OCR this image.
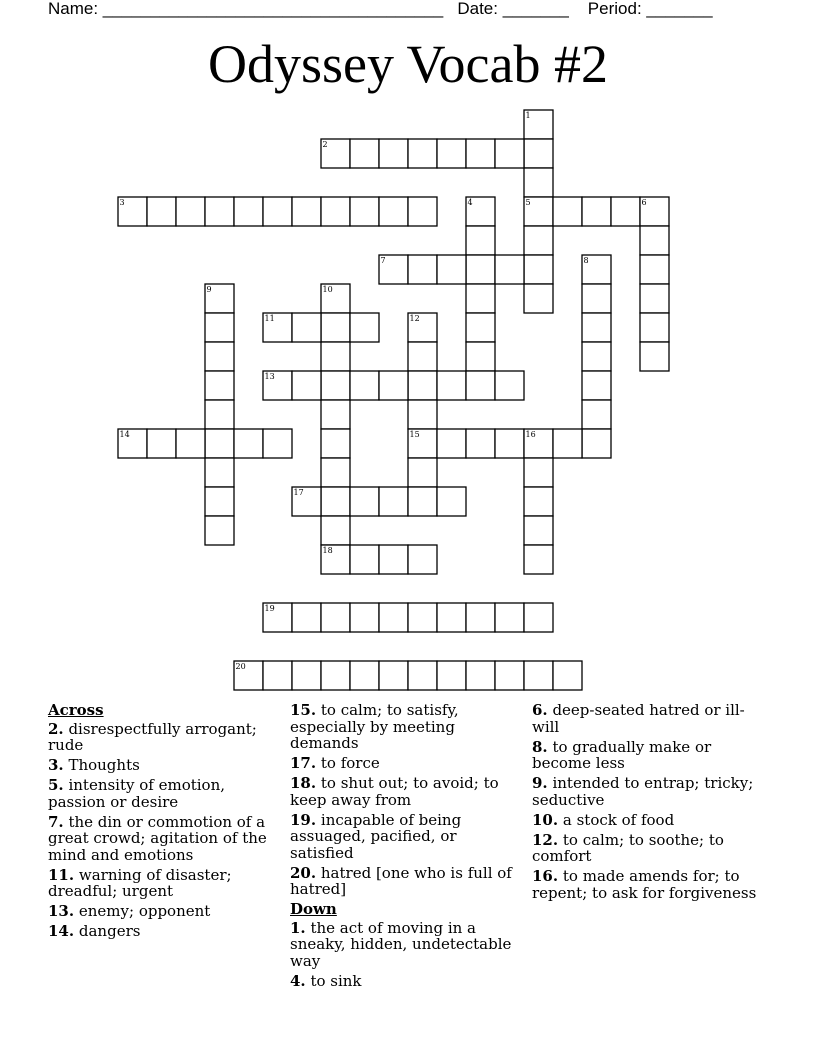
Name: ____________________________________ Date: _______ Period: _______
Odyssey Vocab #2
1
2
3	4	5	6
7	8
9	10
11	12
13
14	15	16
17
18
19
20
Across
2. disrespectfully arrogant; rude
3. Thoughts
5. intensity of emotion, passion or desire
7. the din or commotion of a great crowd; agitation of the mind and emotions
11. warning of disaster; dreadful; urgent
13. enemy; opponent
14. dangers
15. to calm; to satisfy, especially by meeting demands
17. to force
18. to shut out; to avoid; to keep away from
19. incapable of being assuaged, pacified, or satisfied
20. hatred [one who is full of hatred]
Down
1. the act of moving in a sneaky, hidden, undetectable way
4. to sink
6. deep-seated hatred or ill-will
8. to gradually make or become less
9. intended to entrap; tricky; seductive
10. a stock of food
12. to calm; to soothe; to comfort
16. to made amends for; to repent; to ask for forgiveness
